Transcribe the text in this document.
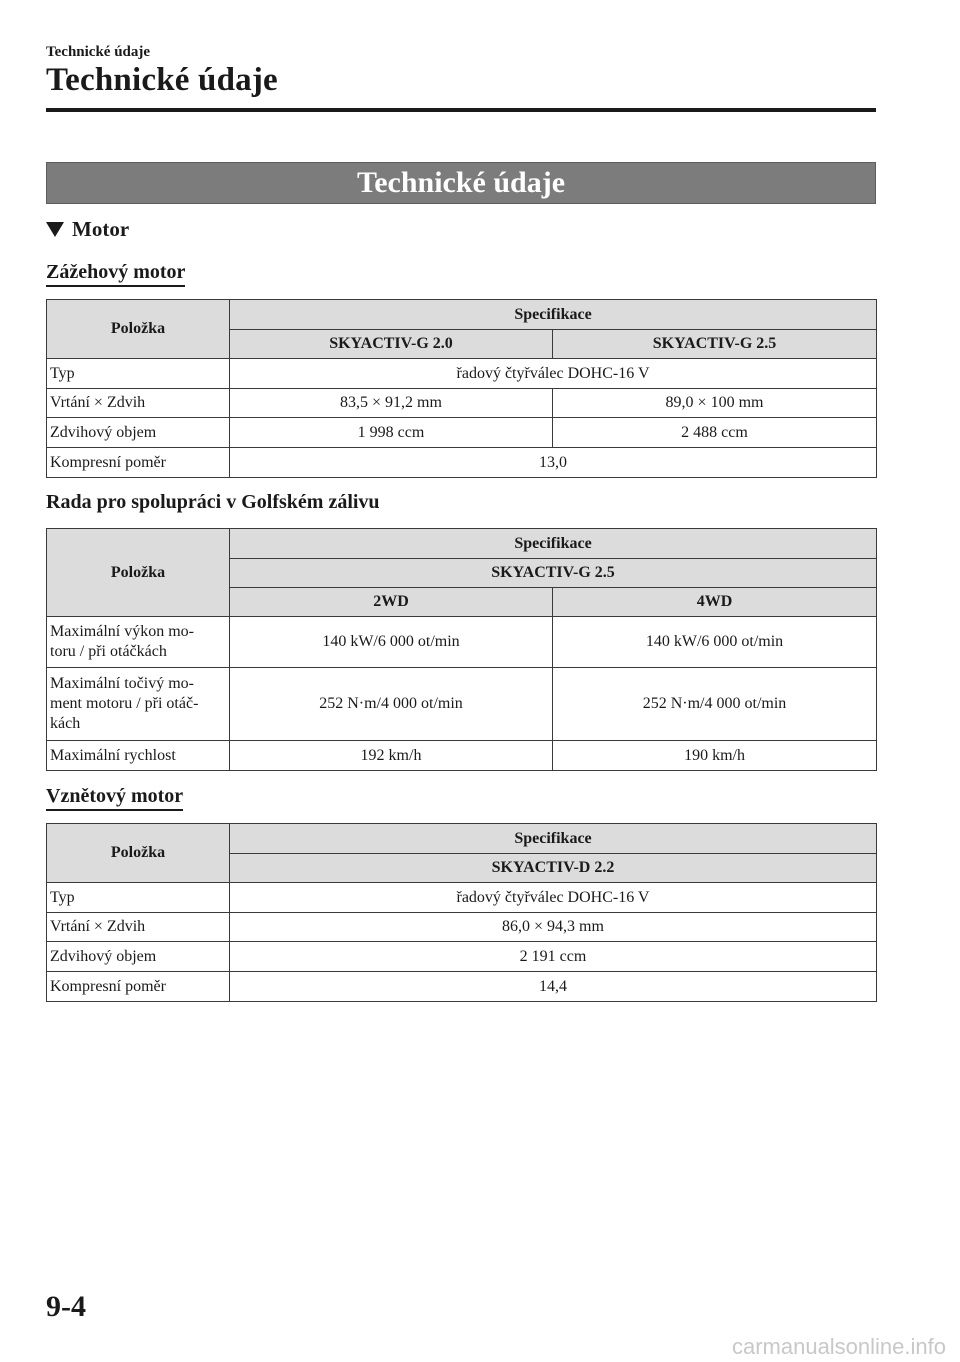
Technické údaje
Technické údaje
Technické údaje
Motor
Zážehový motor
Položka	Specifikace	
	SKYACTIV-G 2.0	SKYACTIV-G 2.5
Typ	řadový čtyřválec DOHC-16 V	
Vrtání × Zdvih	83,5 × 91,2 mm	89,0 × 100 mm
Zdvihový objem	1 998 ccm	2 488 ccm
Kompresní poměr	13,0	
Rada pro spolupráci v Golfském zálivu
Položka	Specifikace	
	SKYACTIV-G 2.5	
	2WD	4WD

Maximální výkon mo-
toru / při otáčkách	140 kW/6 000 ot/min	140 kW/6 000 ot/min

Maximální točivý mo-
ment motoru / při otáč-
kách	252 N·m/4 000 ot/min	252 N·m/4 000 ot/min

Maximální rychlost	192 km/h	190 km/h
Vznětový motor
Položka	Specifikace
	SKYACTIV-D 2.2
Typ	řadový čtyřválec DOHC-16 V
Vrtání × Zdvih	86,0 × 94,3 mm
Zdvihový objem	2 191 ccm
Kompresní poměr	14,4
9-4
carmanualsonline.info
